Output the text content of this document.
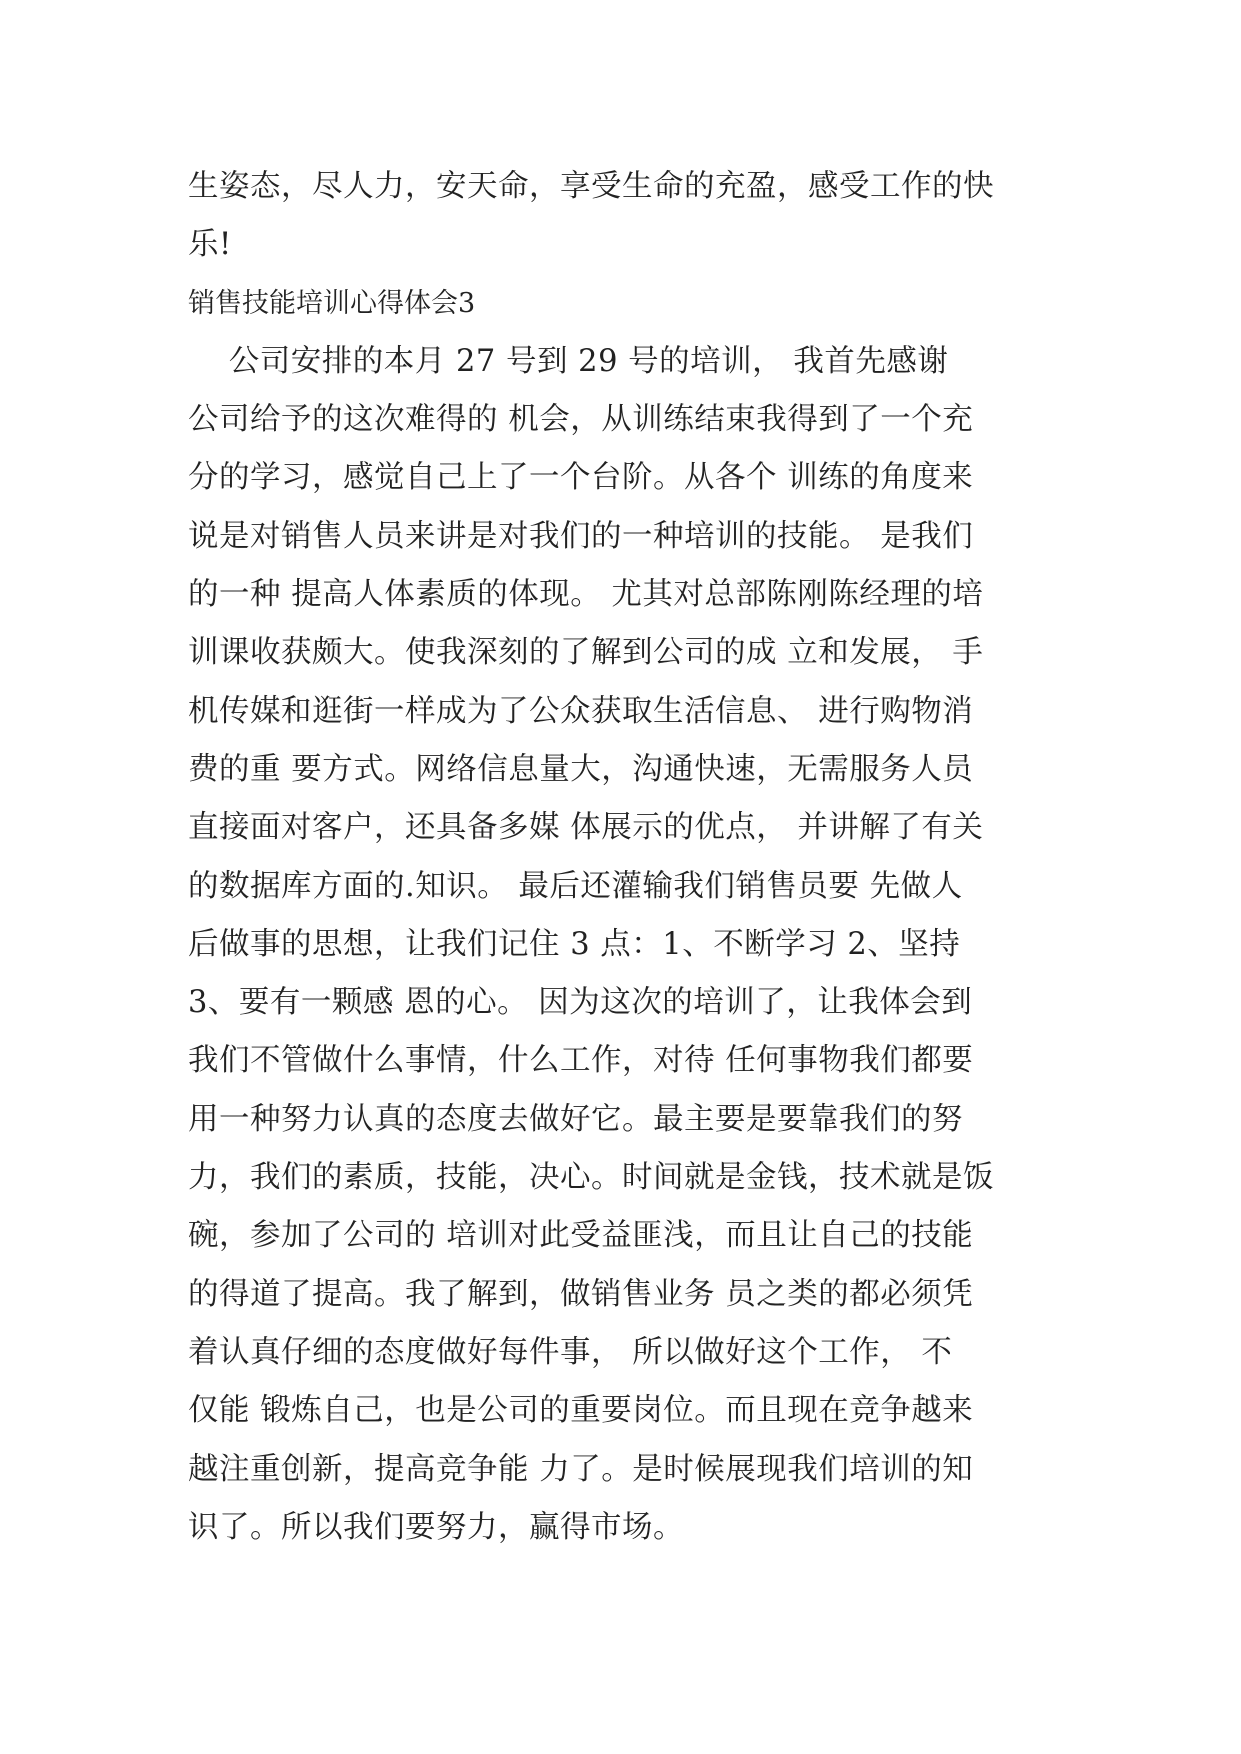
生姿态，尽人力，安天命，享受生命的充盈，感受工作的快
乐!
销售技能培训心得体会3
公司安排的本月 27 号到 29 号的培训， 我首先感谢
公司给予的这次难得的 机会，从训练结束我得到了一个充
分的学习，感觉自己上了一个台阶。从各个 训练的角度来
说是对销售人员来讲是对我们的一种培训的技能。 是我们
的一种 提高人体素质的体现。 尤其对总部陈刚陈经理的培
训课收获颇大。使我深刻的了解到公司的成 立和发展， 手
机传媒和逛街一样成为了公众获取生活信息、 进行购物消
费的重 要方式。网络信息量大，沟通快速，无需服务人员
直接面对客户，还具备多媒 体展示的优点， 并讲解了有关
的数据库方面的.知识。 最后还灌输我们销售员要 先做人
后做事的思想，让我们记住 3 点：1、不断学习 2、坚持
3、要有一颗感 恩的心。 因为这次的培训了，让我体会到
我们不管做什么事情，什么工作，对待 任何事物我们都要
用一种努力认真的态度去做好它。最主要是要靠我们的努
力，我们的素质，技能，决心。时间就是金钱，技术就是饭
碗，参加了公司的 培训对此受益匪浅，而且让自己的技能
的得道了提高。我了解到，做销售业务 员之类的都必须凭
着认真仔细的态度做好每件事， 所以做好这个工作， 不
仅能 锻炼自己，也是公司的重要岗位。而且现在竞争越来
越注重创新，提高竞争能 力了。是时候展现我们培训的知
识了。所以我们要努力，赢得市场。
